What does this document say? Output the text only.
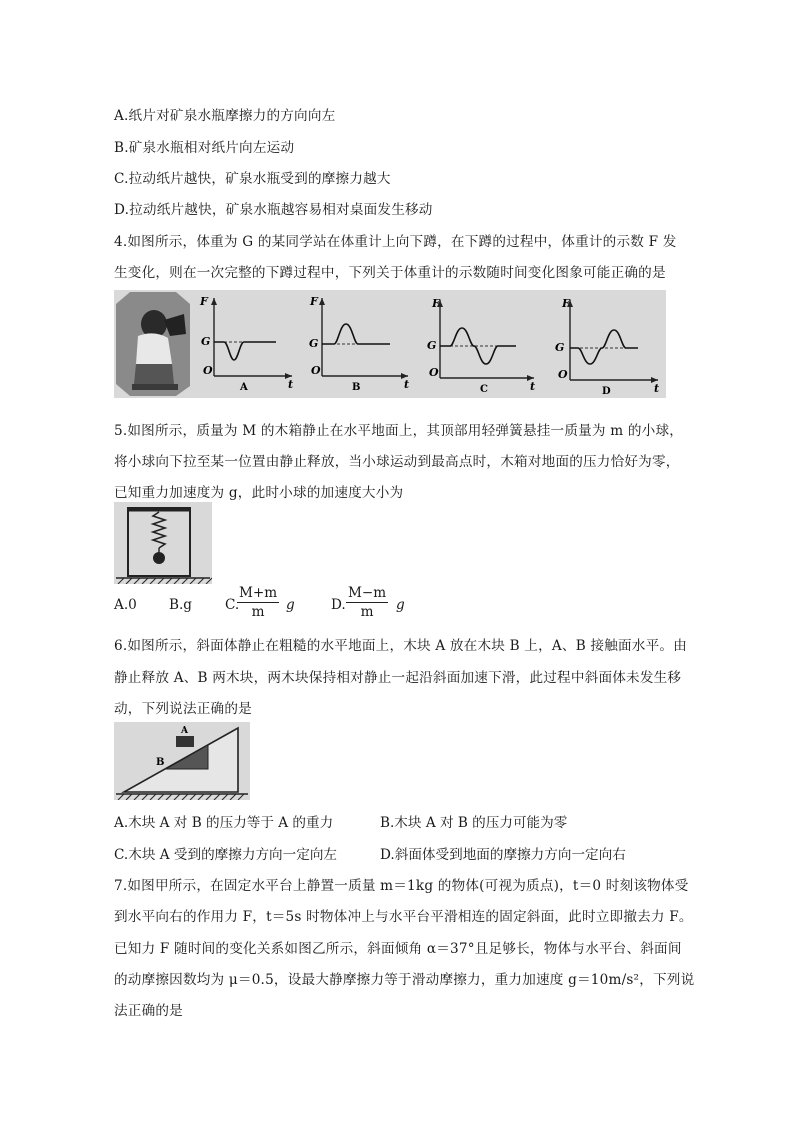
A.纸片对矿泉水瓶摩擦力的方向向左
B.矿泉水瓶相对纸片向左运动
C.拉动纸片越快，矿泉水瓶受到的摩擦力越大
D.拉动纸片越快，矿泉水瓶越容易相对桌面发生移动
4.如图所示，体重为 G 的某同学站在体重计上向下蹲，在下蹲的过程中，体重计的示数 F 发
生变化，则在一次完整的下蹲过程中，下列关于体重计的示数随时间变化图象可能正确的是
F
G
O
t
A
F
G
O
t
B
F
G
O
t
C
F
G
O
t
D
5.如图所示，质量为 M 的木箱静止在水平地面上，其顶部用轻弹簧悬挂一质量为 m 的小球，
将小球向下拉至某一位置由静止释放，当小球运动到最高点时，木箱对地面的压力恰好为零，
已知重力加速度为 g，此时小球的加速度大小为
A.0 B.g C.
$\frac{M+m}{m}$ g	D. $\frac{M-m}{m}$ g
6.如图所示，斜面体静止在粗糙的水平地面上，木块 A 放在木块 B 上，A、B 接触面水平。由
静止释放 A、B 两木块，两木块保持相对静止一起沿斜面加速下滑，此过程中斜面体未发生移
动，下列说法正确的是
A
B
A.木块 A 对 B 的压力等于 A 的重力	B.木块 A 对 B 的压力可能为零
C.木块 A 受到的摩擦力方向一定向左	D.斜面体受到地面的摩擦力方向一定向右
7.如图甲所示，在固定水平台上静置一质量 m＝1kg 的物体(可视为质点)，t＝0 时刻该物体受
到水平向右的作用力 F，t＝5s 时物体冲上与水平台平滑相连的固定斜面，此时立即撤去力 F。
已知力 F 随时间的变化关系如图乙所示，斜面倾角 α＝37°且足够长，物体与水平台、斜面间
的动摩擦因数均为 μ＝0.5，设最大静摩擦力等于滑动摩擦力，重力加速度 g＝10m/s²，下列说
法正确的是
